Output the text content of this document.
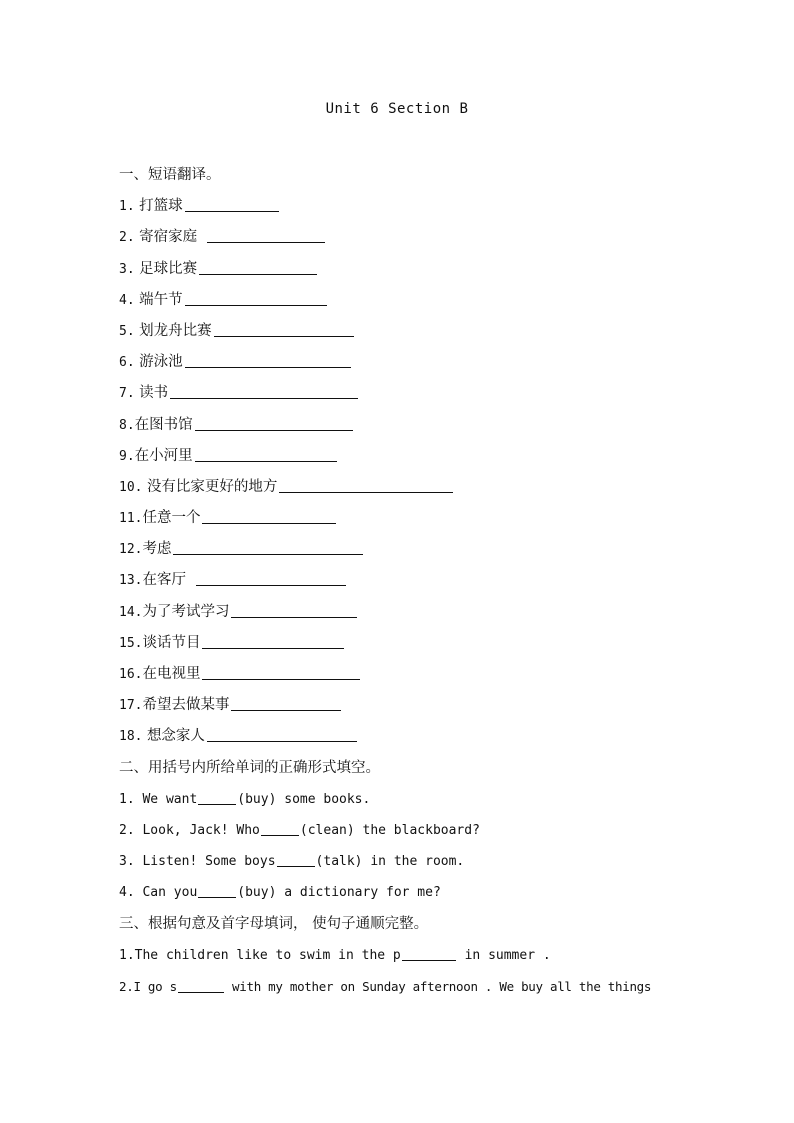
Unit 6 Section B
一、短语翻译。
1. 打篮球
2. 寄宿家庭
3. 足球比赛
4. 端午节
5. 划龙舟比赛
6. 游泳池
7. 读书
8.在图书馆
9.在小河里
10. 没有比家更好的地方
11.任意一个
12.考虑
13.在客厅
14.为了考试学习
15.谈话节目
16.在电视里
17.希望去做某事
18. 想念家人
二、用括号内所给单词的正确形式填空。
1. We want	(buy) some books.
2. Look, Jack! Who	(clean) the blackboard?
3. Listen! Some boys	(talk) in the room.
4. Can you	(buy) a dictionary for me?
三、根据句意及首字母填词， 使句子通顺完整。
1.The children like to swim in the p	in summer .
2.I go s	with my mother on Sunday afternoon . We buy all the things
